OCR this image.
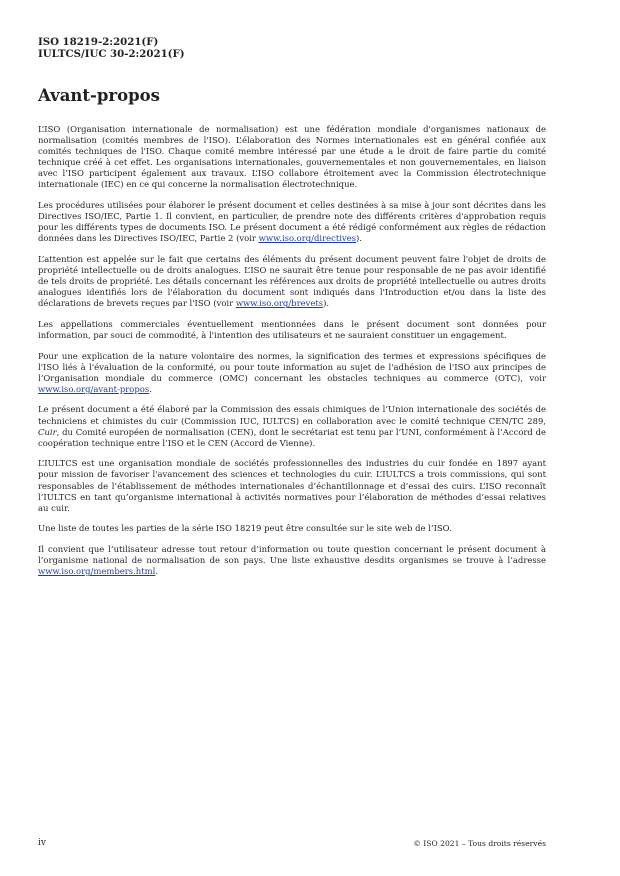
ISO 18219-2:2021(F)
IULTCS/IUC 30-2:2021(F)
Avant-propos

L’ISO (Organisation internationale de normalisation) est une fédération mondiale d'organismes nationaux de normalisation (comités membres de l'ISO). L’élaboration des Normes internationales est en général confiée aux comités techniques de l'ISO. Chaque comité membre intéressé par une étude a le droit de faire partie du comité technique créé à cet effet. Les organisations internationales, gouvernementales et non gouvernementales, en liaison avec l’ISO participent également aux travaux. L’ISO collabore étroitement avec la Commission électrotechnique internationale (IEC) en ce qui concerne la normalisation électrotechnique.

Les procédures utilisées pour élaborer le présent document et celles destinées à sa mise à jour sont décrites dans les Directives ISO/IEC, Partie 1. Il convient, en particulier, de prendre note des différents critères d'approbation requis pour les différents types de documents ISO. Le présent document a été rédigé conformément aux règles de rédaction données dans les Directives ISO/IEC, Partie 2 (voir www.iso.org/directives).

L’attention est appelée sur le fait que certains des éléments du présent document peuvent faire l'objet de droits de propriété intellectuelle ou de droits analogues. L’ISO ne saurait être tenue pour responsable de ne pas avoir identifié de tels droits de propriété. Les détails concernant les références aux droits de propriété intellectuelle ou autres droits analogues identifiés lors de l'élaboration du document sont indiqués dans l'Introduction et/ou dans la liste des déclarations de brevets reçues par l'ISO (voir www.iso.org/brevets).

Les appellations commerciales éventuellement mentionnées dans le présent document sont données pour information, par souci de commodité, à l'intention des utilisateurs et ne sauraient constituer un engagement.

Pour une explication de la nature volontaire des normes, la signification des termes et expressions spécifiques de l'ISO liés à l'évaluation de la conformité, ou pour toute information au sujet de l'adhésion de l'ISO aux principes de l’Organisation mondiale du commerce (OMC) concernant les obstacles techniques au commerce (OTC), voir www.iso.org/avant-propos.

Le présent document a été élaboré par la Commission des essais chimiques de l’Union internationale des sociétés de techniciens et chimistes du cuir (Commission IUC, IULTCS) en collaboration avec le comité technique CEN/TC 289, Cuir, du Comité européen de normalisation (CEN), dont le secrétariat est tenu par l’UNI, conformément à l’Accord de coopération technique entre l’ISO et le CEN (Accord de Vienne).

L’IULTCS est une organisation mondiale de sociétés professionnelles des industries du cuir fondée en 1897 ayant pour mission de favoriser l'avancement des sciences et technologies du cuir. L’IULTCS a trois commissions, qui sont responsables de l’établissement de méthodes internationales d’échantillonnage et d’essai des cuirs. L’ISO reconnaît l’IULTCS en tant qu’organisme international à activités normatives pour l’élaboration de méthodes d’essai relatives au cuir.

Une liste de toutes les parties de la série ISO 18219 peut être consultée sur le site web de l’ISO.

Il convient que l’utilisateur adresse tout retour d’information ou toute question concernant le présent document à l’organisme national de normalisation de son pays. Une liste exhaustive desdits organismes se trouve à l’adresse www.iso.org/members.html.

iv	© ISO 2021 – Tous droits réservés
